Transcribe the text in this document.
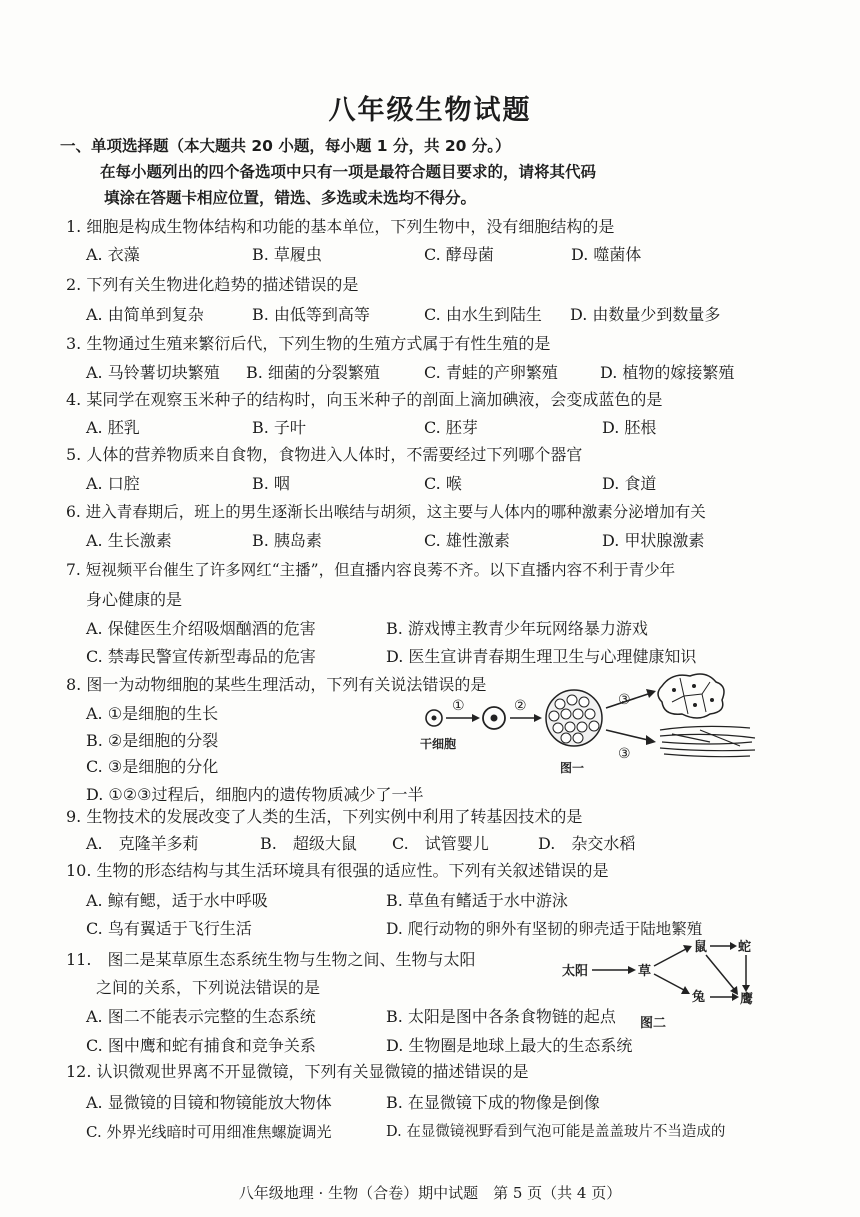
八年级生物试题
一、单项选择题（本大题共 20 小题，每小题 1 分，共 20 分。）
在每小题列出的四个备选项中只有一项是最符合题目要求的，请将其代码
填涂在答题卡相应位置，错选、多选或未选均不得分。
1. 细胞是构成生物体结构和功能的基本单位，下列生物中，没有细胞结构的是
A. 衣藻	B. 草履虫	C. 酵母菌	D. 噬菌体
2. 下列有关生物进化趋势的描述错误的是
A. 由简单到复杂	B. 由低等到高等	C. 由水生到陆生 D. 由数量少到数量多
3. 生物通过生殖来繁衍后代，下列生物的生殖方式属于有性生殖的是
A. 马铃薯切块繁殖 B. 细菌的分裂繁殖	C. 青蛙的产卵繁殖	D. 植物的嫁接繁殖
4. 某同学在观察玉米种子的结构时，向玉米种子的剖面上滴加碘液，会变成蓝色的是
A. 胚乳	B. 子叶	C. 胚芽	D. 胚根
5. 人体的营养物质来自食物，食物进入人体时，不需要经过下列哪个器官
A. 口腔	B. 咽	C. 喉	D. 食道
6. 进入青春期后，班上的男生逐渐长出喉结与胡须，这主要与人体内的哪种激素分泌增加有关
A. 生长激素	B. 胰岛素	C. 雄性激素	D. 甲状腺激素
7. 短视频平台催生了许多网红“主播”，但直播内容良莠不齐。以下直播内容不利于青少年
身心健康的是
A. 保健医生介绍吸烟酗酒的危害	B. 游戏博主教青少年玩网络暴力游戏
C. 禁毒民警宣传新型毒品的危害	D. 医生宣讲青春期生理卫生与心理健康知识
8. 图一为动物细胞的某些生理活动，下列有关说法错误的是
A. ①是细胞的生长
B. ②是细胞的分裂
C. ③是细胞的分化
D. ①②③过程后，细胞内的遗传物质减少了一半
干细胞
①	②
图一
③
③
9. 生物技术的发展改变了人类的生活，下列实例中利用了转基因技术的是
A.　克隆羊多莉	B.　超级大鼠 C.　试管婴儿	D.　杂交水稻
10. 生物的形态结构与其生活环境具有很强的适应性。下列有关叙述错误的是
A. 鲸有鳃，适于水中呼吸	B. 草鱼有鳍适于水中游泳
C. 鸟有翼适于飞行生活	D. 爬行动物的卵外有坚韧的卵壳适于陆地繁殖
11.　图二是某草原生态系统生物与生物之间、生物与太阳
之间的关系，下列说法错误的是
A. 图二不能表示完整的生态系统	B. 太阳是图中各条食物链的起点
C. 图中鹰和蛇有捕食和竞争关系	D. 生物圈是地球上最大的生态系统
太阳	草
鼠
兔
蛇
鹰
图二
12. 认识微观世界离不开显微镜，下列有关显微镜的描述错误的是
A. 显微镜的目镜和物镜能放大物体	B. 在显微镜下成的物像是倒像
C. 外界光线暗时可用细准焦螺旋调光	D. 在显微镜视野看到气泡可能是盖盖玻片不当造成的
八年级地理 · 生物（合卷）期中试题　第 5 页（共 4 页）
